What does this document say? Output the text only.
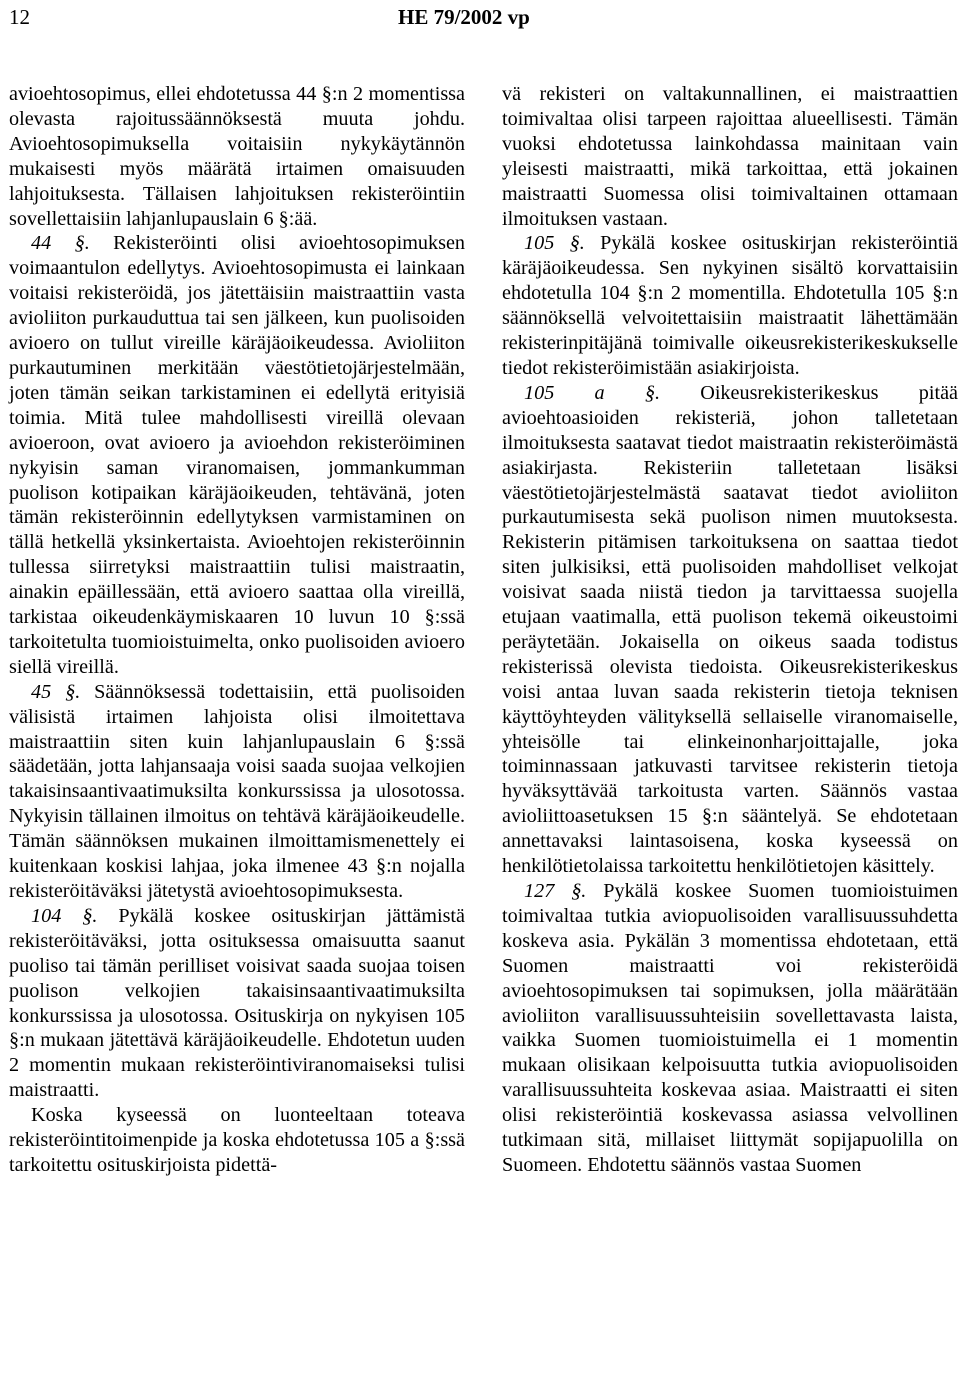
12	HE 79/2002 vp

avioehtosopimus, ellei ehdotetussa 44 §:n 2 momentissa olevasta rajoitussäännöksestä muuta johdu. Avioehtosopimuksella voitaisiin nykykäytännön mukaisesti myös määrätä irtaimen omaisuuden lahjoituksesta. Tällaisen lahjoituksen rekisteröintiin sovellettaisiin lahjanlupauslain 6 §:ää.

44 §. Rekisteröinti olisi avioehtosopimuksen voimaantulon edellytys. Avioehtosopimusta ei lainkaan voitaisi rekisteröidä, jos jätettäisiin maistraattiin vasta avioliiton purkauduttua tai sen jälkeen, kun puolisoiden avioero on tullut vireille käräjäoikeudessa. Avioliiton purkautuminen merkitään väestötietojärjestelmään, joten tämän seikan tarkistaminen ei edellytä erityisiä toimia. Mitä tulee mahdollisesti vireillä olevaan avioeroon, ovat avioero ja avioehdon rekisteröiminen nykyisin saman viranomaisen, jommankumman puolison kotipaikan käräjäoikeuden, tehtävänä, joten tämän rekisteröinnin edellytyksen varmistaminen on tällä hetkellä yksinkertaista. Avioehtojen rekisteröinnin tullessa siirretyksi maistraattiin tulisi maistraatin, ainakin epäillessään, että avioero saattaa olla vireillä, tarkistaa oikeudenkäymiskaaren 10 luvun 10 §:ssä tarkoitetulta tuomioistuimelta, onko puolisoiden avioero siellä vireillä.

45 §. Säännöksessä todettaisiin, että puolisoiden välisistä irtaimen lahjoista olisi ilmoitettava maistraattiin siten kuin lahjanlupauslain 6 §:ssä säädetään, jotta lahjansaaja voisi saada suojaa velkojien takaisinsaantivaatimuksilta konkurssissa ja ulosotossa. Nykyisin tällainen ilmoitus on tehtävä käräjäoikeudelle. Tämän säännöksen mukainen ilmoittamismenettely ei kuitenkaan koskisi lahjaa, joka ilmenee 43 §:n nojalla rekisteröitäväksi jätetystä avioehtosopimuksesta.

104 §. Pykälä koskee osituskirjan jättämistä rekisteröitäväksi, jotta osituksessa omaisuutta saanut puoliso tai tämän perilliset voisivat saada suojaa toisen puolison velkojien takaisinsaantivaatimuksilta konkurssissa ja ulosotossa. Osituskirja on nykyisen 105 §:n mukaan jätettävä käräjäoikeudelle. Ehdotetun uuden 2 momentin mukaan rekisteröintiviranomaiseksi tulisi maistraatti.

Koska kyseessä on luonteeltaan toteava rekisteröintitoimenpide ja koska ehdotetussa 105 a §:ssä tarkoitettu osituskirjoista pidettä-

vä rekisteri on valtakunnallinen, ei maistraattien toimivaltaa olisi tarpeen rajoittaa alueellisesti. Tämän vuoksi ehdotetussa lainkohdassa mainitaan vain yleisesti maistraatti, mikä tarkoittaa, että jokainen maistraatti Suomessa olisi toimivaltainen ottamaan ilmoituksen vastaan.

105 §. Pykälä koskee osituskirjan rekisteröintiä käräjäoikeudessa. Sen nykyinen sisältö korvattaisiin ehdotetulla 104 §:n 2 momentilla. Ehdotetulla 105 §:n säännöksellä velvoitettaisiin maistraatit lähettämään rekisterinpitäjänä toimivalle oikeusrekisterikeskukselle tiedot rekisteröimistään asiakirjoista.

105 a §. Oikeusrekisterikeskus pitää avioehtoasioiden rekisteriä, johon talletetaan ilmoituksesta saatavat tiedot maistraatin rekisteröimästä asiakirjasta. Rekisteriin talletetaan lisäksi väestötietojärjestelmästä saatavat tiedot avioliiton purkautumisesta sekä puolison nimen muutoksesta. Rekisterin pitämisen tarkoituksena on saattaa tiedot siten julkisiksi, että puolisoiden mahdolliset velkojat voisivat saada niistä tiedon ja tarvittaessa suojella etujaan vaatimalla, että puolison tekemä oikeustoimi peräytetään. Jokaisella on oikeus saada todistus rekisterissä olevista tiedoista. Oikeusrekisterikeskus voisi antaa luvan saada rekisterin tietoja teknisen käyttöyhteyden välityksellä sellaiselle viranomaiselle, yhteisölle tai elinkeinonharjoittajalle, joka toiminnassaan jatkuvasti tarvitsee rekisterin tietoja hyväksyttävää tarkoitusta varten. Säännös vastaa avioliittoasetuksen 15 §:n sääntelyä. Se ehdotetaan annettavaksi laintasoisena, koska kyseessä on henkilötietolaissa tarkoitettu henkilötietojen käsittely.

127 §. Pykälä koskee Suomen tuomioistuimen toimivaltaa tutkia aviopuolisoiden varallisuussuhdetta koskeva asia. Pykälän 3 momentissa ehdotetaan, että Suomen maistraatti voi rekisteröidä avioehtosopimuksen tai sopimuksen, jolla määrätään avioliiton varallisuussuhteisiin sovellettavasta laista, vaikka Suomen tuomioistuimella ei 1 momentin mukaan olisikaan kelpoisuutta tutkia aviopuolisoiden varallisuussuhteita koskevaa asiaa. Maistraatti ei siten olisi rekisteröintiä koskevassa asiassa velvollinen tutkimaan sitä, millaiset liittymät sopijapuolilla on Suomeen. Ehdotettu säännös vastaa Suomen
